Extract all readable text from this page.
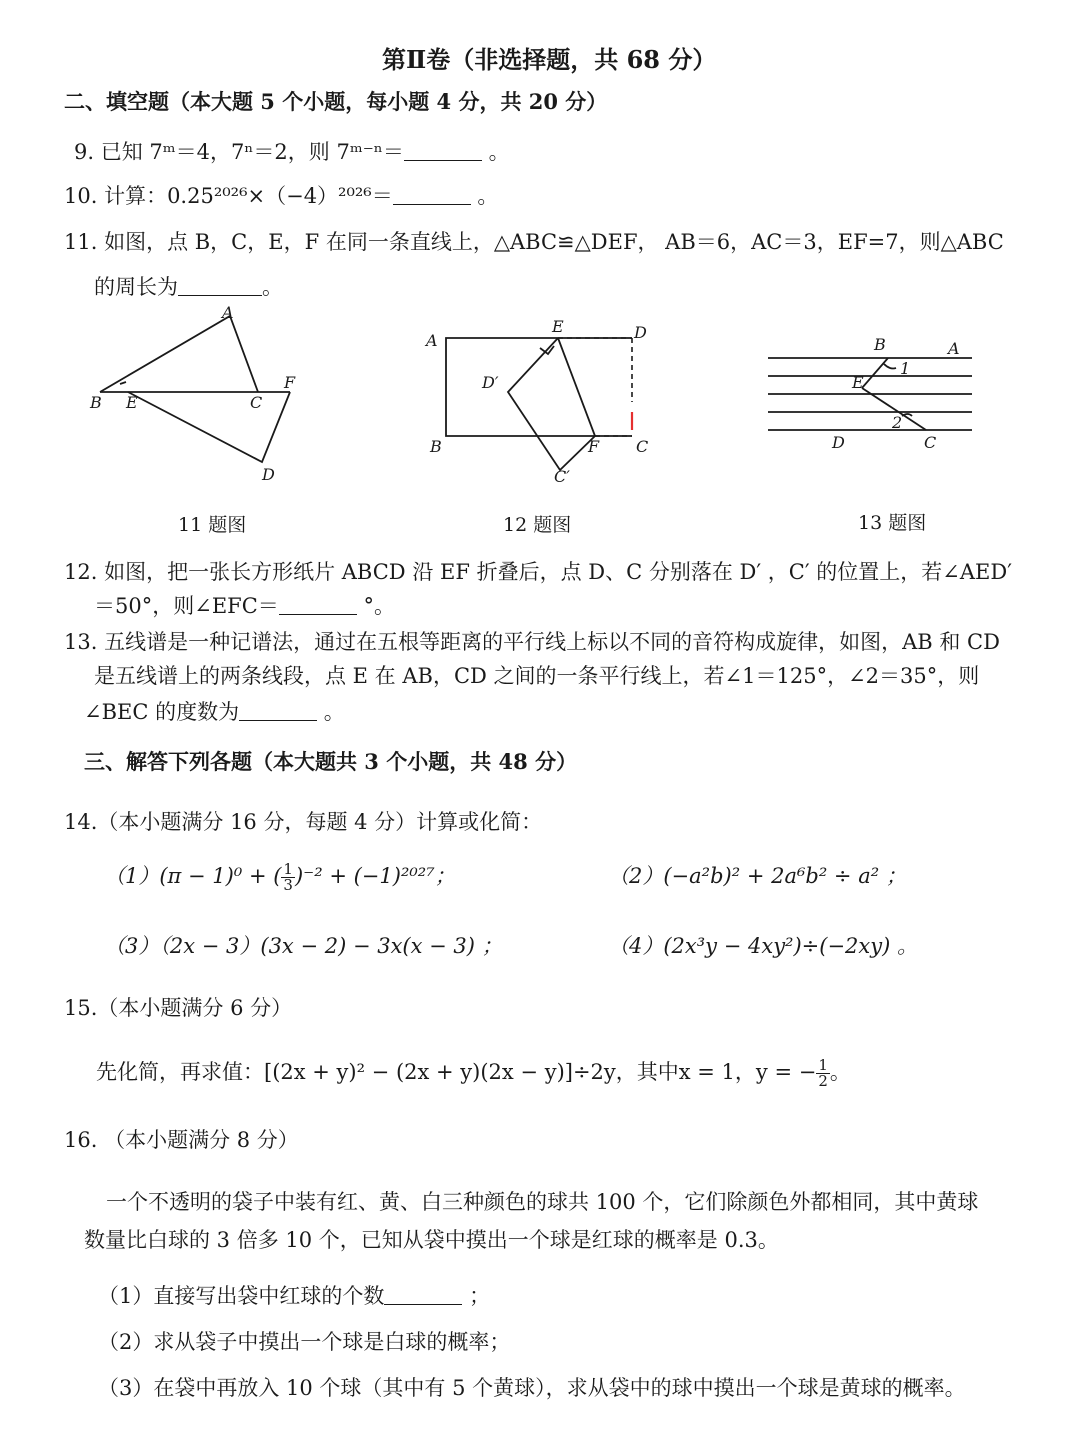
第Ⅱ卷（非选择题，共 68 分）
二、填空题（本大题 5 个小题，每小题 4 分，共 20 分）
9. 已知 7ᵐ＝4，7ⁿ＝2，则 7ᵐ⁻ⁿ＝	。
10. 计算：0.25²⁰²⁶×（−4）²⁰²⁶＝	。
11. 如图，点 B，C，E，F 在同一条直线上，△ABC≌△DEF， AB＝6，AC＝3，EF=7，则△ABC
的周长为	。
A
B E	C
F
D
11 题图
A
E	D
D′
B	C
F
C′
12 题图
B	A
E
1
2
D	C
13 题图
12. 如图，把一张长方形纸片 ABCD 沿 EF 折叠后，点 D、C 分别落在 D′ ，C′ 的位置上，若∠AED′
＝50°，则∠EFC＝	°。
13. 五线谱是一种记谱法，通过在五根等距离的平行线上标以不同的音符构成旋律，如图，AB 和 CD
是五线谱上的两条线段，点 E 在 AB，CD 之间的一条平行线上，若∠1＝125°，∠2＝35°，则
∠BEC 的度数为	。
三、解答下列各题（本大题共 3 个小题，共 48 分）
14.（本小题满分 16 分，每题 4 分）计算或化简：
（1）(π − 1)⁰ + ( $\frac{1}{3} )^{-2} + (-1)^{2027}$；	（2）(−a²b)² + 2a⁶b² ÷ a² ；
（3）（2x − 3）(3x − 2) − 3x(x − 3) ；	（4）(2x³y − 4xy²)÷(−2xy) 。
15.（本小题满分 6 分）
先化简，再求值：[(2x + y)² − (2x + y)(2x − y)]÷2y，其中x = 1，y = − $\frac{1}{2}$ 。
16. （本小题满分 8 分）
一个不透明的袋子中装有红、黄、白三种颜色的球共 100 个，它们除颜色外都相同，其中黄球
数量比白球的 3 倍多 10 个，已知从袋中摸出一个球是红球的概率是 0.3。
（1）直接写出袋中红球的个数	；
（2）求从袋子中摸出一个球是白球的概率；
（3）在袋中再放入 10 个球（其中有 5 个黄球），求从袋中的球中摸出一个球是黄球的概率。
